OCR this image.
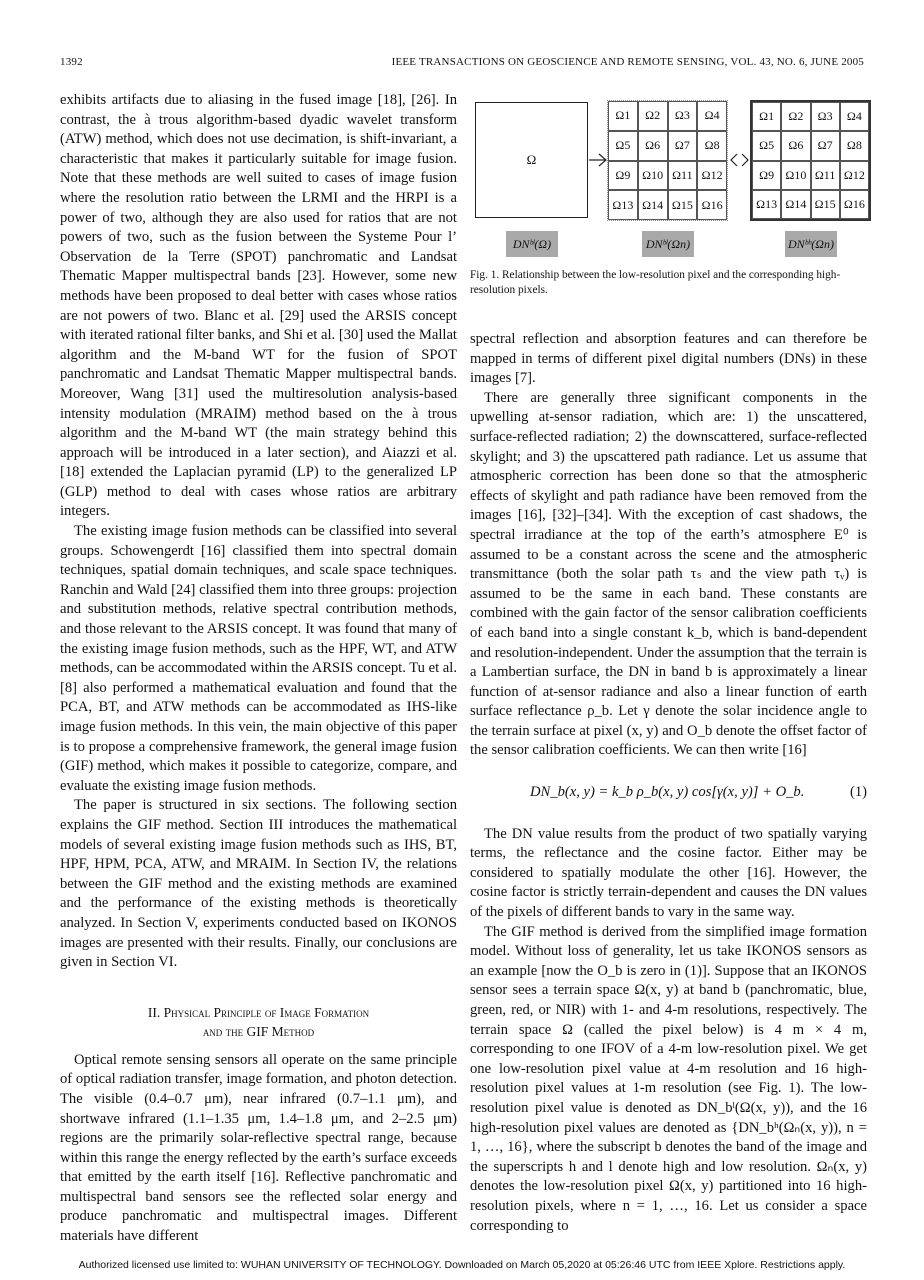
1392	IEEE TRANSACTIONS ON GEOSCIENCE AND REMOTE SENSING, VOL. 43, NO. 6, JUNE 2005

exhibits artifacts due to aliasing in the fused image [18], [26]. In contrast, the à trous algorithm-based dyadic wavelet transform (ATW) method, which does not use decimation, is shift-invariant, a characteristic that makes it particularly suitable for image fusion. Note that these methods are well suited to cases of image fusion where the resolution ratio between the LRMI and the HRPI is a power of two, although they are also used for ratios that are not powers of two, such as the fusion between the Systeme Pour l’ Observation de la Terre (SPOT) panchromatic and Landsat Thematic Mapper multispectral bands [23]. However, some new methods have been proposed to deal better with cases whose ratios are not powers of two. Blanc et al. [29] used the ARSIS concept with iterated rational filter banks, and Shi et al. [30] used the Mallat algorithm and the M-band WT for the fusion of SPOT panchromatic and Landsat Thematic Mapper multispectral bands. Moreover, Wang [31] used the multiresolution analysis-based intensity modulation (MRAIM) method based on the à trous algorithm and the M-band WT (the main strategy behind this approach will be introduced in a later section), and Aiazzi et al. [18] extended the Laplacian pyramid (LP) to the generalized LP (GLP) method to deal with cases whose ratios are arbitrary integers.

The existing image fusion methods can be classified into several groups. Schowengerdt [16] classified them into spectral domain techniques, spatial domain techniques, and scale space techniques. Ranchin and Wald [24] classified them into three groups: projection and substitution methods, relative spectral contribution methods, and those relevant to the ARSIS concept. It was found that many of the existing image fusion methods, such as the HPF, WT, and ATW methods, can be accommodated within the ARSIS concept. Tu et al. [8] also performed a mathematical evaluation and found that the PCA, BT, and ATW methods can be accommodated as IHS-like image fusion methods. In this vein, the main objective of this paper is to propose a comprehensive framework, the general image fusion (GIF) method, which makes it possible to categorize, compare, and evaluate the existing image fusion methods.

The paper is structured in six sections. The following section explains the GIF method. Section III introduces the mathematical models of several existing image fusion methods such as IHS, BT, HPF, HPM, PCA, ATW, and MRAIM. In Section IV, the relations between the GIF method and the existing methods are examined and the performance of the existing methods is theoretically analyzed. In Section V, experiments conducted based on IKONOS images are presented with their results. Finally, our conclusions are given in Section VI.

II. Physical Principle of Image Formation
and the GIF Method

Optical remote sensing sensors all operate on the same principle of optical radiation transfer, image formation, and photon detection. The visible (0.4–0.7 μm), near infrared (0.7–1.1 μm), and shortwave infrared (1.1–1.35 μm, 1.4–1.8 μm, and 2–2.5 μm) regions are the primarily solar-reflective spectral range, because within this range the energy reflected by the earth’s surface exceeds that emitted by the earth itself [16]. Reflective panchromatic and multispectral band sensors see the reflected solar energy and produce panchromatic and multispectral images. Different materials have different

Ω
Ω1	Ω2	Ω3	Ω4
Ω5	Ω6	Ω7	Ω8
Ω9 Ω10 Ω11 Ω12
Ω13 Ω14 Ω15 Ω16
Ω1	Ω2	Ω3	Ω4
Ω5	Ω6	Ω7	Ω8
Ω9 Ω10 Ω11 Ω12
Ω13 Ω14 Ω15 Ω16
DNᵇˡ(Ω)	DNᵇˡ(Ωn)	DNᵇʰ(Ωn)
Fig. 1. Relationship between the low-resolution pixel and the corresponding high-resolution pixels.

spectral reflection and absorption features and can therefore be mapped in terms of different pixel digital numbers (DNs) in these images [7].

There are generally three significant components in the upwelling at-sensor radiation, which are: 1) the unscattered, surface-reflected radiation; 2) the downscattered, surface-reflected skylight; and 3) the upscattered path radiance. Let us assume that atmospheric correction has been done so that the atmospheric effects of skylight and path radiance have been removed from the images [16], [32]–[34]. With the exception of cast shadows, the spectral irradiance at the top of the earth’s atmosphere E⁰ is assumed to be a constant across the scene and the atmospheric transmittance (both the solar path τₛ and the view path τᵥ) is assumed to be the same in each band. These constants are combined with the gain factor of the sensor calibration coefficients of each band into a single constant k_b, which is band-dependent and resolution-independent. Under the assumption that the terrain is a Lambertian surface, the DN in band b is approximately a linear function of at-sensor radiance and also a linear function of earth surface reflectance ρ_b. Let γ denote the solar incidence angle to the terrain surface at pixel (x, y) and O_b denote the offset factor of the sensor calibration coefficients. We can then write [16]

DN_b(x, y) = k_b ρ_b(x, y) cos[γ(x, y)] + O_b.	(1)

The DN value results from the product of two spatially varying terms, the reflectance and the cosine factor. Either may be considered to spatially modulate the other [16]. However, the cosine factor is strictly terrain-dependent and causes the DN values of the pixels of different bands to vary in the same way.

The GIF method is derived from the simplified image formation model. Without loss of generality, let us take IKONOS sensors as an example [now the O_b is zero in (1)]. Suppose that an IKONOS sensor sees a terrain space Ω(x, y) at band b (panchromatic, blue, green, red, or NIR) with 1- and 4-m resolutions, respectively. The terrain space Ω (called the pixel below) is 4 m × 4 m, corresponding to one IFOV of a 4-m low-resolution pixel. We get one low-resolution pixel value at 4-m resolution and 16 high-resolution pixel values at 1-m resolution (see Fig. 1). The low-resolution pixel value is denoted as DN_bˡ(Ω(x, y)), and the 16 high-resolution pixel values are denoted as {DN_bʰ(Ωₙ(x, y)), n = 1, …, 16}, where the subscript b denotes the band of the image and the superscripts h and l denote high and low resolution. Ωₙ(x, y) denotes the low-resolution pixel Ω(x, y) partitioned into 16 high-resolution pixels, where n = 1, …, 16. Let us consider a space corresponding to

Authorized licensed use limited to: WUHAN UNIVERSITY OF TECHNOLOGY. Downloaded on March 05,2020 at 05:26:46 UTC from IEEE Xplore. Restrictions apply.
